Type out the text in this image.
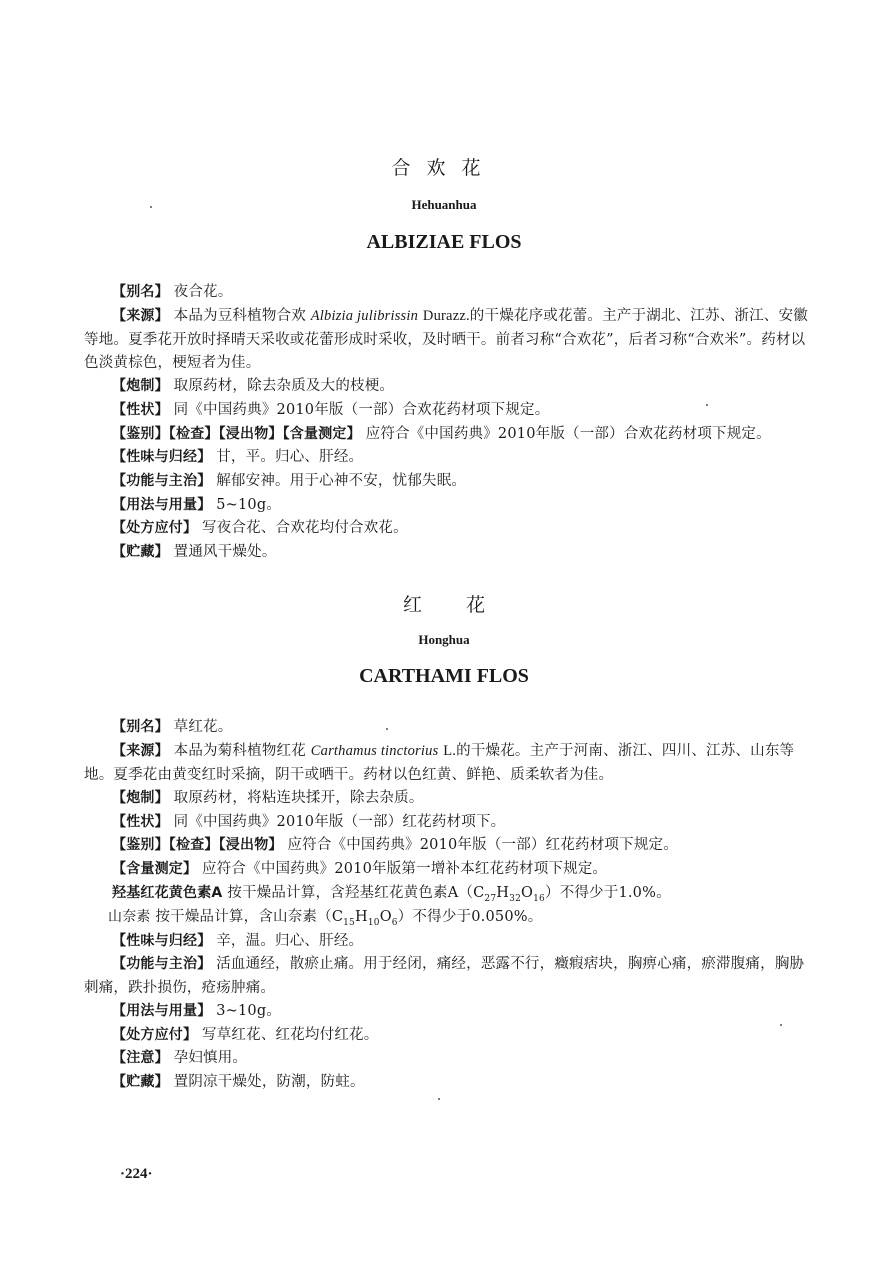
合欢花
Hehuanhua
ALBIZIAE FLOS
【别名】 夜合花。
【来源】 本品为豆科植物合欢 Albizia julibrissin Durazz.的干燥花序或花蕾。主产于湖北、江苏、浙江、安徽等地。夏季花开放时择晴天采收或花蕾形成时采收，及时晒干。前者习称“合欢花”，后者习称“合欢米”。药材以色淡黄棕色，梗短者为佳。
【炮制】 取原药材，除去杂质及大的枝梗。
【性状】 同《中国药典》2010年版（一部）合欢花药材项下规定。
【鉴别】【检查】【浸出物】【含量测定】 应符合《中国药典》2010年版（一部）合欢花药材项下规定。
【性味与归经】 甘，平。归心、肝经。
【功能与主治】 解郁安神。用于心神不安，忧郁失眠。
【用法与用量】 5~10g。
【处方应付】 写夜合花、合欢花均付合欢花。
【贮藏】 置通风干燥处。
红花
Honghua
CARTHAMI FLOS
【别名】 草红花。
【来源】 本品为菊科植物红花 Carthamus tinctorius L.的干燥花。主产于河南、浙江、四川、江苏、山东等地。夏季花由黄变红时采摘，阴干或晒干。药材以色红黄、鲜艳、质柔软者为佳。
【炮制】 取原药材，将粘连块揉开，除去杂质。
【性状】 同《中国药典》2010年版（一部）红花药材项下。
【鉴别】【检查】【浸出物】 应符合《中国药典》2010年版（一部）红花药材项下规定。
【含量测定】 应符合《中国药典》2010年版第一增补本红花药材项下规定。
羟基红花黄色素A 按干燥品计算，含羟基红花黄色素$A(C_{27}H_{32}O_{16})$不得少于1.0%。
山奈素 按干燥品计算，含山奈素$(C_{15}H_{10}O_6)$不得少于0.050%。
【性味与归经】 辛，温。归心、肝经。
【功能与主治】 活血通经，散瘀止痛。用于经闭，痛经，恶露不行，癥瘕痞块，胸痹心痛，瘀滞腹痛，胸胁刺痛，跌扑损伤，疮疡肿痛。
【用法与用量】 3~10g。
【处方应付】 写草红花、红花均付红花。
【注意】 孕妇慎用。
【贮藏】 置阴凉干燥处，防潮，防蛀。
·224·
